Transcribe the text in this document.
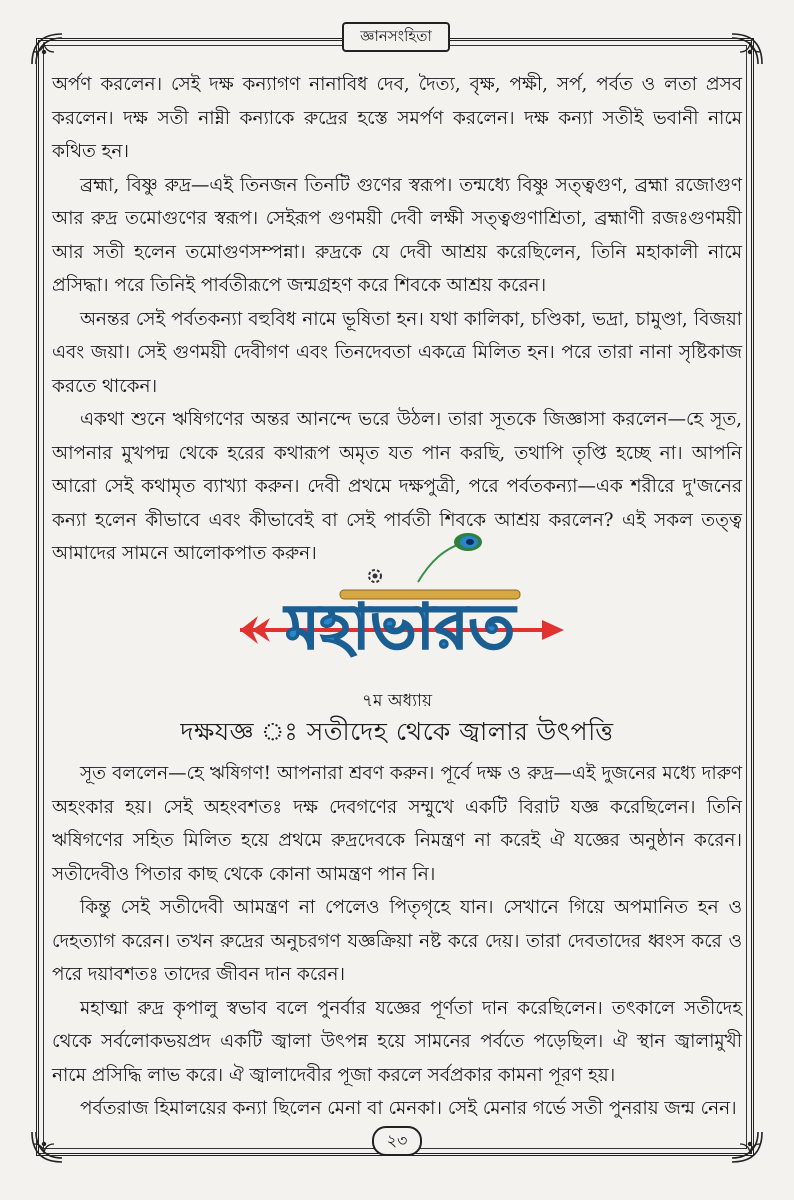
জ্ঞানসংহিতা

অর্পণ করলেন। সেই দক্ষ কন্যাগণ নানাবিধ দেব, দৈত্য, বৃক্ষ, পক্ষী, সর্প, পর্বত ও লতা প্রসব করলেন। দক্ষ সতী নাম্নী কন্যাকে রুদ্রের হস্তে সমর্পণ করলেন। দক্ষ কন্যা সতীই ভবানী নামে কথিত হন।

ব্রহ্মা, বিষ্ণু রুদ্র—এই তিনজন তিনটি গুণের স্বরূপ। তন্মধ্যে বিষ্ণু সত্ত্বগুণ, ব্রহ্মা রজোগুণ আর রুদ্র তমোগুণের স্বরূপ। সেইরূপ গুণময়ী দেবী লক্ষী সত্ত্বগুণাশ্রিতা, ব্রহ্মাণী রজঃগুণময়ী আর সতী হলেন তমোগুণসম্পন্না। রুদ্রকে যে দেবী আশ্রয় করেছিলেন, তিনি মহাকালী নামে প্রসিদ্ধা। পরে তিনিই পার্বতীরূপে জন্মগ্রহণ করে শিবকে আশ্রয় করেন।

অনন্তর সেই পর্বতকন্যা বহুবিধ নামে ভূষিতা হন। যথা কালিকা, চণ্ডিকা, ভদ্রা, চামুণ্ডা, বিজয়া এবং জয়া। সেই গুণময়ী দেবীগণ এবং তিনদেবতা একত্রে মিলিত হন। পরে তারা নানা সৃষ্টিকাজ করতে থাকেন।

একথা শুনে ঋষিগণের অন্তর আনন্দে ভরে উঠল। তারা সূতকে জিজ্ঞাসা করলেন—হে সূত, আপনার মুখপদ্ম থেকে হরের কথারূপ অমৃত যত পান করছি, তথাপি তৃপ্তি হচ্ছে না। আপনি আরো সেই কথামৃত ব্যাখ্যা করুন। দেবী প্রথমে দক্ষপুত্রী, পরে পর্বতকন্যা—এক শরীরে দু'জনের কন্যা হলেন কীভাবে এবং কীভাবেই বা সেই পার্বতী শিবকে আশ্রয় করলেন? এই সকল তত্ত্ব আমাদের সামনে আলোকপাত করুন।

মহাভারত
৭ম অধ্যায়
দক্ষযজ্ঞ ঃ সতীদেহ থেকে জ্বালার উৎপত্তি

সূত বললেন—হে ঋষিগণ! আপনারা শ্রবণ করুন। পূর্বে দক্ষ ও রুদ্র—এই দুজনের মধ্যে দারুণ অহংকার হয়। সেই অহংবশতঃ দক্ষ দেবগণের সম্মুখে একটি বিরাট যজ্ঞ করেছিলেন। তিনি ঋষিগণের সহিত মিলিত হয়ে প্রথমে রুদ্রদেবকে নিমন্ত্রণ না করেই ঐ যজ্ঞের অনুষ্ঠান করেন। সতীদেবীও পিতার কাছ থেকে কোনা আমন্ত্রণ পান নি।

কিন্তু সেই সতীদেবী আমন্ত্রণ না পেলেও পিতৃগৃহে যান। সেখানে গিয়ে অপমানিত হন ও দেহত্যাগ করেন। তখন রুদ্রের অনুচরগণ যজ্ঞক্রিয়া নষ্ট করে দেয়। তারা দেবতাদের ধ্বংস করে ও পরে দয়াবশতঃ তাদের জীবন দান করেন।

মহাত্মা রুদ্র কৃপালু স্বভাব বলে পুনর্বার যজ্ঞের পূর্ণতা দান করেছিলেন। তৎকালে সতীদেহ থেকে সর্বলোকভয়প্রদ একটি জ্বালা উৎপন্ন হয়ে সামনের পর্বতে পড়েছিল। ঐ স্থান জ্বালামুখী নামে প্রসিদ্ধি লাভ করে। ঐ জ্বালাদেবীর পূজা করলে সর্বপ্রকার কামনা পূরণ হয়।

পর্বতরাজ হিমালয়ের কন্যা ছিলেন মেনা বা মেনকা। সেই মেনার গর্ভে সতী পুনরায় জন্ম নেন।

২৩
